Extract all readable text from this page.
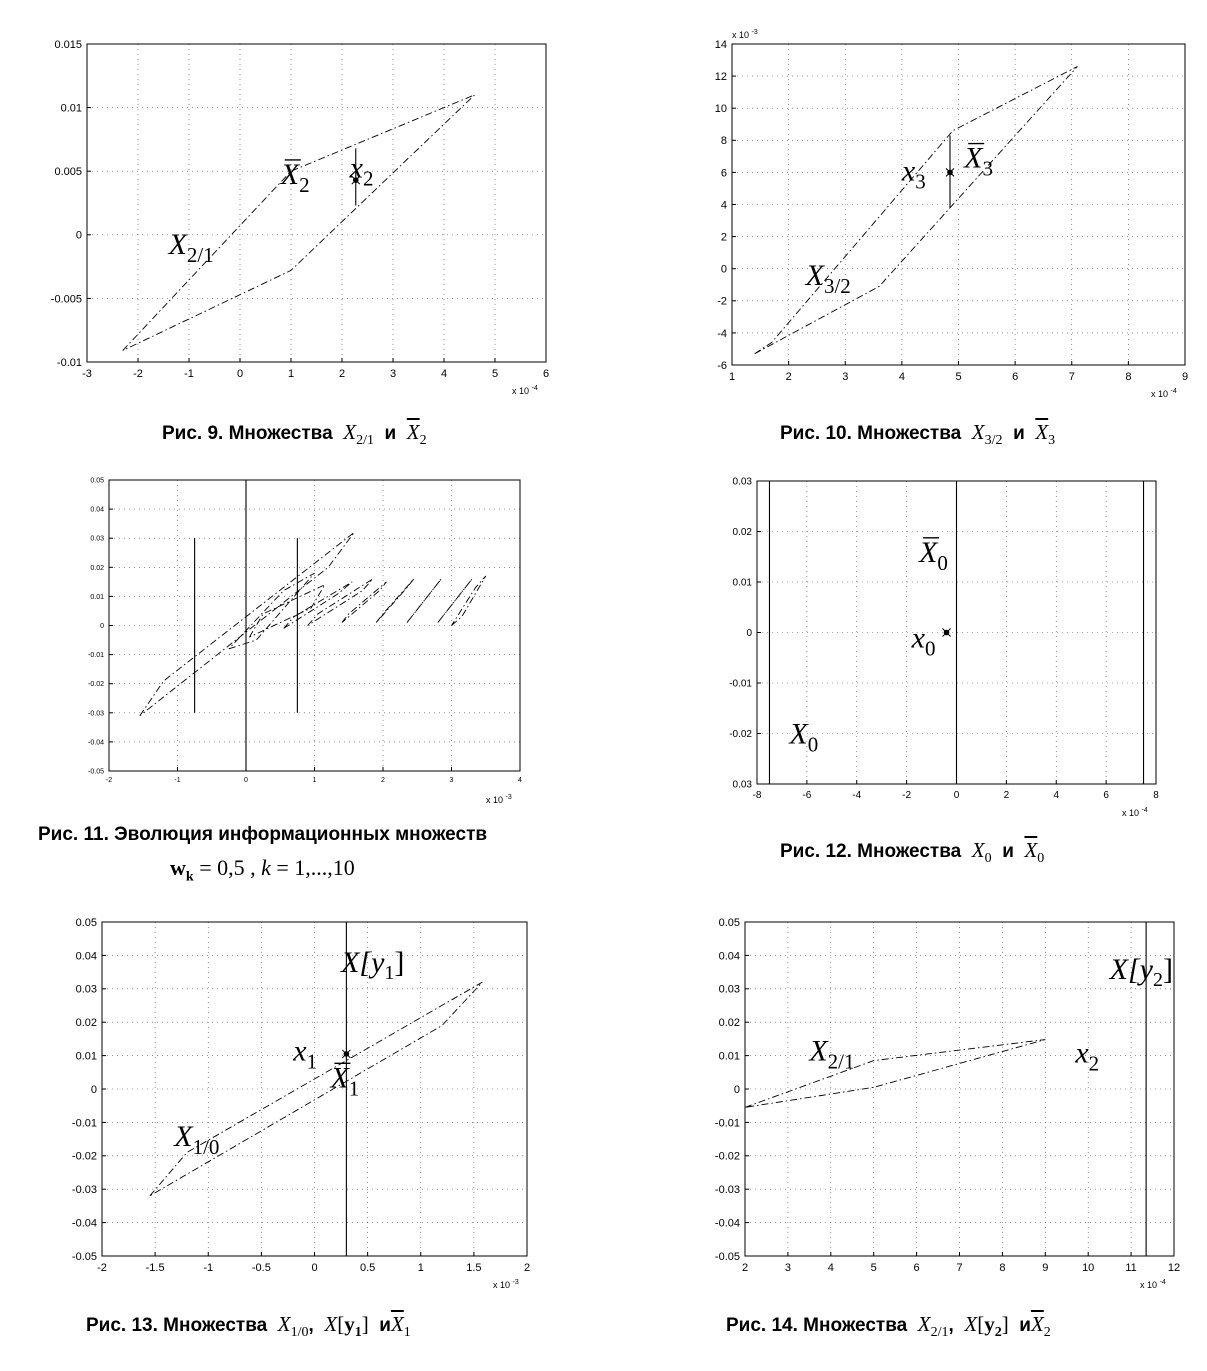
-3	-2	-1	0	1	2	3	4	5	6
-0.01
-0.005
0
0.005
0.01
0.015
x 10 $^{-4}$
$X_{2/1}$
$X_2$
$x_2$
1	2	3	4	5	6	7	8	9
-6
-4
-2
0
2
4
6
8
10
12
14
x 10 $^{-4}$
x 10 $^{-3}$
$x_3$
$X_3$
$X_{3/2}$
-2	-1	0	1	2	3	4
-0.05
-0.04
-0.03
-0.02
-0.01
0
0.01
0.02
0.03
0.04
0.05
x 10 $^{-3}$	-8	-6	-4	-2	0	2	4	6	8
0.03
-0.02
-0.01
0
0.01
0.02
0.03
x 10 $^{-4}$
$X_0$
$x_0$
$X_0$
-2	-1.5	-1	-0.5	0	0.5	1	1.5	2
-0.05
-0.04
-0.03
-0.02
-0.01
0
0.01
0.02
0.03
0.04
0.05
x 10 $^{-3}$
$X[y_1]$
$x_1$ $X_1$
$X_{1/0}$
2	3	4	5	6	7	8	9	10	11	12
-0.05
-0.04
-0.03
-0.02
-0.01
0
0.01
0.02
0.03
0.04
0.05
x 10 $^{-4}$
$X[y_2]$
$X_{2/1}$	$x_2$
Рис. 9. Множества $X_{2/1}$ и $\overline{X}_2$	Рис. 10. Множества $X_{3/2}$ и $\overline{X}_3$
Рис. 11. Эволюция информационных множеств
$w_k = 0,5$ , k = 1,...,10
Рис. 12. Множества $X_0$ и $\overline{X}_0$
Рис. 13. Множества $X_{1/0}$, $X[y_1]$ $и\overline{X}_1$	Рис. 14. Множества $X_{2/1}$, $X[y_2]$ $и\overline{X}_2$
